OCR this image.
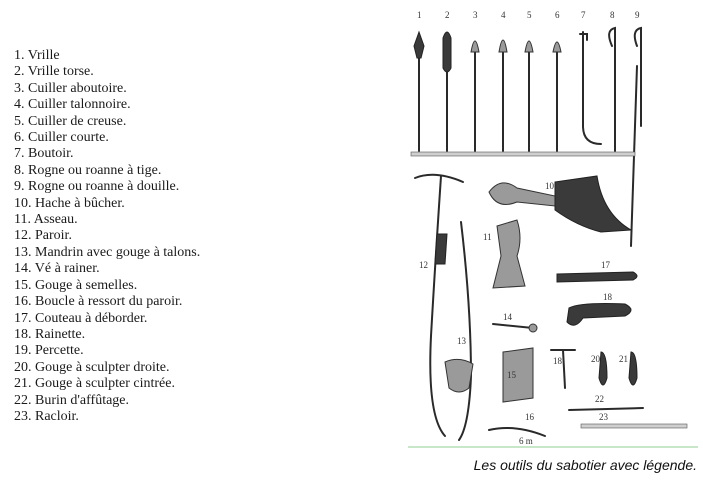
1. Vrille
2. Vrille torse.
3. Cuiller aboutoire.
4. Cuiller talonnoire.
5. Cuiller de creuse.
6. Cuiller courte.
7. Boutoir.
8. Rogne ou roanne à tige.
9. Rogne ou roanne à douille.
10. Hache à bûcher.
11. Asseau.
12. Paroir.
13. Mandrin avec gouge à talons.
14. Vé à rainer.
15. Gouge à semelles.
16. Boucle à ressort du paroir.
17. Couteau à déborder.
18. Rainette.
19. Percette.
20. Gouge à sculpter droite.
21. Gouge à sculpter cintrée.
22. Burin d'affûtage.
23. Racloir.
1	2	3	4 5	6 7	8 9
10
12
11
13
17
18
14
15
18	20 21
22
23
16
6 m
Les outils du sabotier avec légende.
